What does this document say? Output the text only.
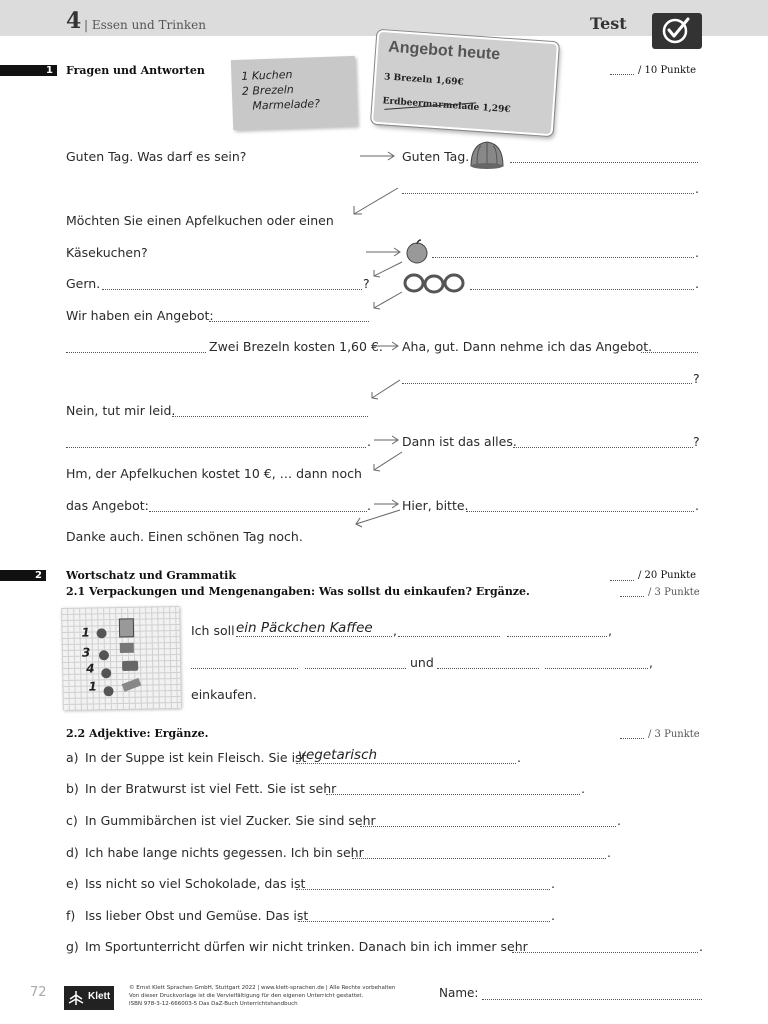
4 | Essen und Trinken	Test
1	Fragen und Antworten	/ 10 Punkte
1 Kuchen
2 Brezeln
Marmelade?
Angebot heute
3 Brezeln 1,69€
Erdbeermarmelade 1,29€
Guten Tag. Was darf es sein?	Guten Tag.
.
Möchten Sie einen Apfelkuchen oder einen
Käsekuchen?	.
Gern.	?	.
Wir haben ein Angebot:
Zwei Brezeln kosten 1,60 €. Aha, gut. Dann nehme ich das Angebot.
?
Nein, tut mir leid.
. Dann ist das alles.	?
Hm, der Apfelkuchen kostet 10 €, … dann noch
das Angebot:	. Hier, bitte.	.
Danke auch. Einen schönen Tag noch.
2	Wortschatz und Grammatik	/ 20 Punkte
2.1 Verpackungen und Mengenangaben: Was sollst du einkaufen? Ergänze.	/ 3 Punkte
1
3
4
1
Ich soll ein Päckchen Kaffee ,	,
und	,
einkaufen.
2.2 Adjektive: Ergänze.	/ 3 Punkte
a) In der Suppe ist kein Fleisch. Sie ist
vegetarisch	.
b) In der Bratwurst ist viel Fett. Sie ist sehr	.
c) In Gummibärchen ist viel Zucker. Sie sind sehr	.
d) Ich habe lange nichts gegessen. Ich bin sehr	.
e) Iss nicht so viel Schokolade, das ist	.
f) Iss lieber Obst und Gemüse. Das ist	.
g) Im Sportunterricht dürfen wir nicht trinken. Danach bin ich immer sehr	.
72	Klett
© Ernst Klett Sprachen GmbH, Stuttgart 2022 | www.klett-sprachen.de | Alle Rechte vorbehalten
Von dieser Druckvorlage ist die Vervielfältigung für den eigenen Unterricht gestattet.
ISBN 978-3-12-666003-5 Das DaZ-Buch Unterrichtshandbuch
Name:
